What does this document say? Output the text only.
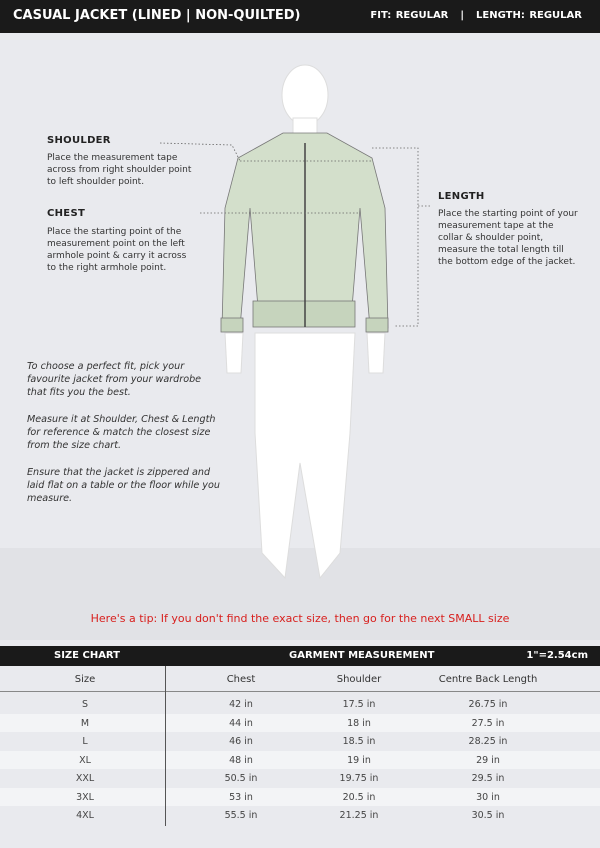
CASUAL JACKET (LINED | NON-QUILTED)	FIT: REGULAR | LENGTH: REGULAR
SHOULDER
Place the measurement tape
across from right shoulder point
to left shoulder point.
CHEST
Place the starting point of the
measurement point on the left
armhole point & carry it across
to the right armhole point.
LENGTH
Place the starting point of your
measurement tape at the
collar & shoulder point,
measure the total length till
the bottom edge of the jacket.
To choose a perfect fit, pick your
favourite jacket from your wardrobe
that fits you the best.
Measure it at Shoulder, Chest & Length
for reference & match the closest size
from the size chart.
Ensure that the jacket is zippered and
laid flat on a table or the floor while you
measure.
Here's a tip: If you don't find the exact size, then go for the next SMALL size
SIZE CHART	GARMENT MEASUREMENT	1"=2.54cm
Size	Chest	Shoulder	Centre Back Length
S	42 in	17.5 in	26.75 in
M	44 in	18 in	27.5 in
L	46 in	18.5 in	28.25 in
XL	48 in	19 in	29 in
XXL	50.5 in	19.75 in	29.5 in
3XL	53 in	20.5 in	30 in
4XL	55.5 in	21.25 in	30.5 in
